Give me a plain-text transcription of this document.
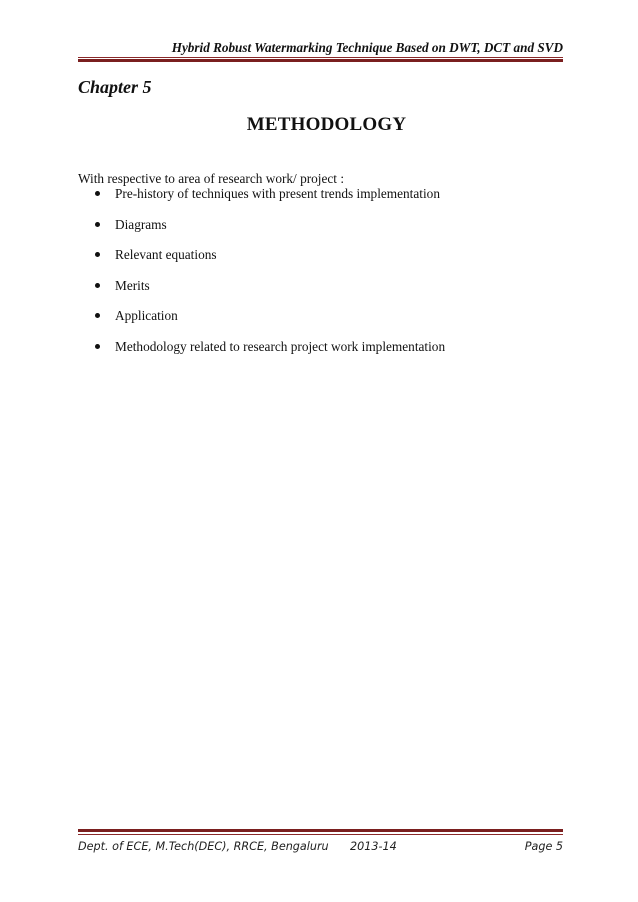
Hybrid Robust Watermarking Technique Based on DWT, DCT and SVD
Chapter 5
METHODOLOGY
With respective to area of research work/ project :
Pre-history of techniques with present trends implementation
Diagrams
Relevant equations
Merits
Application
Methodology related to research project work implementation
Dept. of ECE, M.Tech(DEC), RRCE, Bengaluru 2013-14	Page 5
